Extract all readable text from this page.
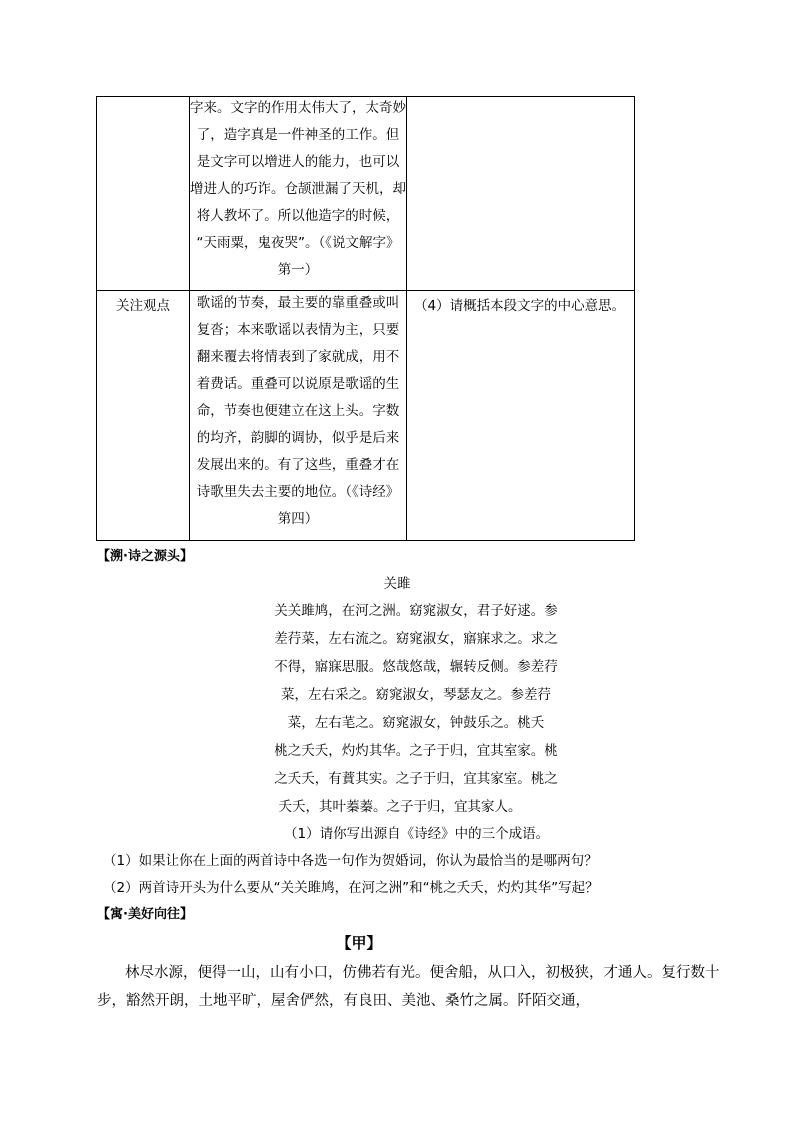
字来。文字的作用太伟大了，太奇妙
了，造字真是一件神圣的工作。但
是文字可以增进人的能力，也可以
增进人的巧诈。仓颉泄漏了天机，却
将人教坏了。所以他造字的时候，
“天雨粟，鬼夜哭”。（《说文解字》
第一）
关注观点	歌谣的节奏，最主要的靠重叠或叫
复沓；本来歌谣以表情为主，只要
翻来覆去将情表到了家就成，用不
着费话。重叠可以说原是歌谣的生
命，节奏也便建立在这上头。字数
的均齐，韵脚的调协，似乎是后来
发展出来的。有了这些，重叠才在
诗歌里失去主要的地位。（《诗经》
第四）
（4）请概括本段文字的中心意思。
【溯·诗之源头】
关雎
关关雎鸠，在河之洲。窈窕淑女，君子好逑。参
差荇菜，左右流之。窈窕淑女，寤寐求之。求之
不得，寤寐思服。悠哉悠哉，辗转反侧。参差荇
菜，左右采之。窈窕淑女，琴瑟友之。参差荇
菜，左右芼之。窈窕淑女，钟鼓乐之。桃夭
桃之夭夭，灼灼其华。之子于归，宜其室家。桃
之夭夭，有蕡其实。之子于归，宜其家室。桃之
夭夭，其叶蓁蓁。之子于归，宜其家人。
（1）请你写出源自《诗经》中的三个成语。
（1）如果让你在上面的两首诗中各选一句作为贺婚词，你认为最恰当的是哪两句？
（2）两首诗开头为什么要从“关关雎鸠，在河之洲”和“桃之夭夭，灼灼其华”写起？
【寓·美好向往】
【甲】
林尽水源，便得一山，山有小口，仿佛若有光。便舍船，从口入，初极狭，才通人。复行数十
步，豁然开朗，土地平旷，屋舍俨然，有良田、美池、桑竹之属。阡陌交通，
